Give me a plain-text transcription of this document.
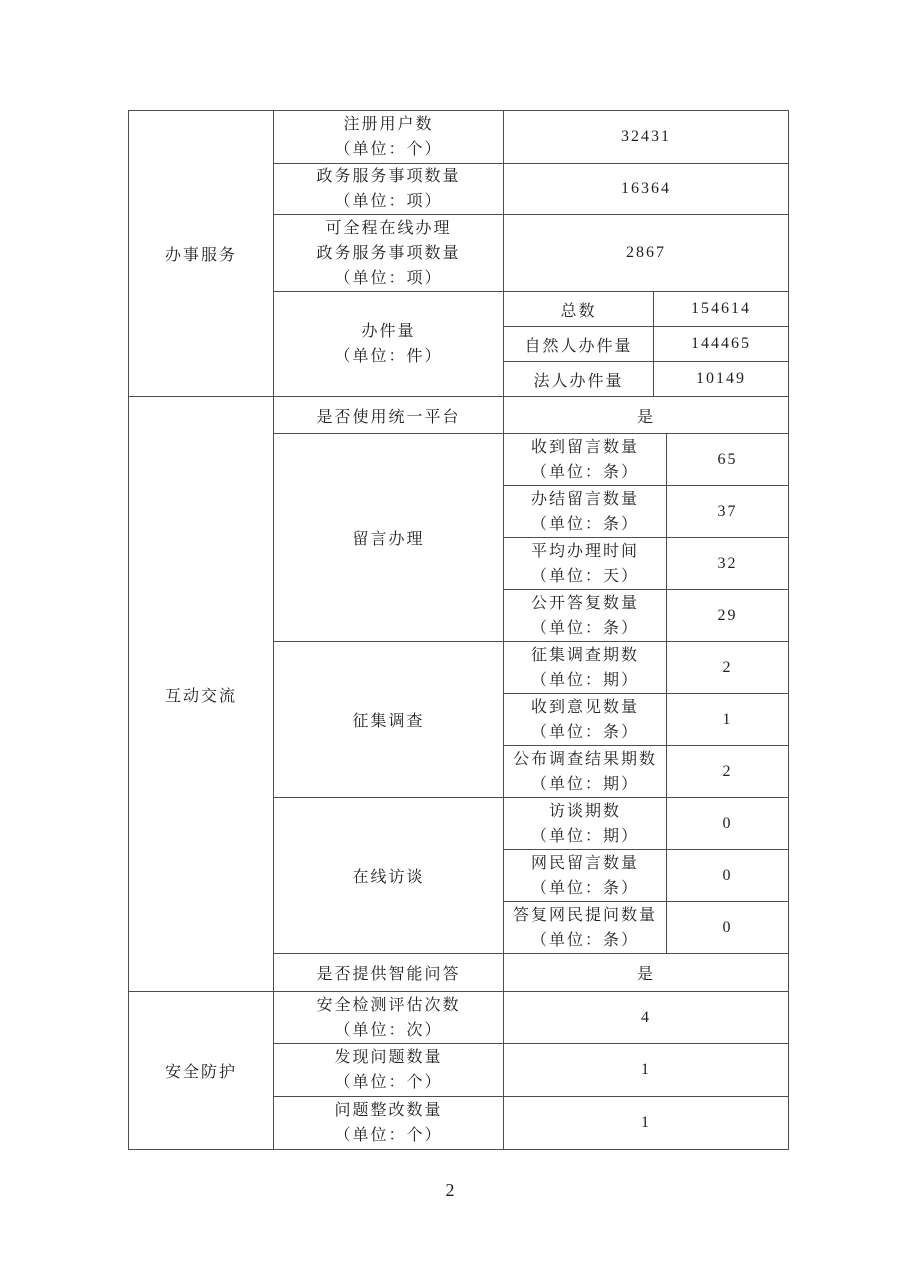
办事服务	注册用户数
（单位：个）	32431		

	政务服务事项数量
（单位：项）	16364		

	可全程在线办理
政务服务事项数量
（单位：项）	2867		

	办件量
（单位：件）	总数	154614	
		自然人办件量	144465	
		法人办件量	10149	
互动交流	是否使用统一平台	是		
	留言办理	收到留言数量
（单位：条）		65

		办结留言数量
（单位：条）		37

		平均办理时间
（单位：天）		32

		公开答复数量
（单位：条）		29
	征集调查	征集调查期数
（单位：期）		2

		收到意见数量
（单位：条）		1

		公布调查结果期数
（单位：期）		2
	在线访谈	访谈期数
（单位：期）		0

		网民留言数量
（单位：条）		0

		答复网民提问数量
（单位：条）		0
	是否提供智能问答	是		
安全防护	安全检测评估次数
（单位：次）	4		

	发现问题数量
（单位：个）	1		

	问题整改数量
（单位：个）	1		
2
